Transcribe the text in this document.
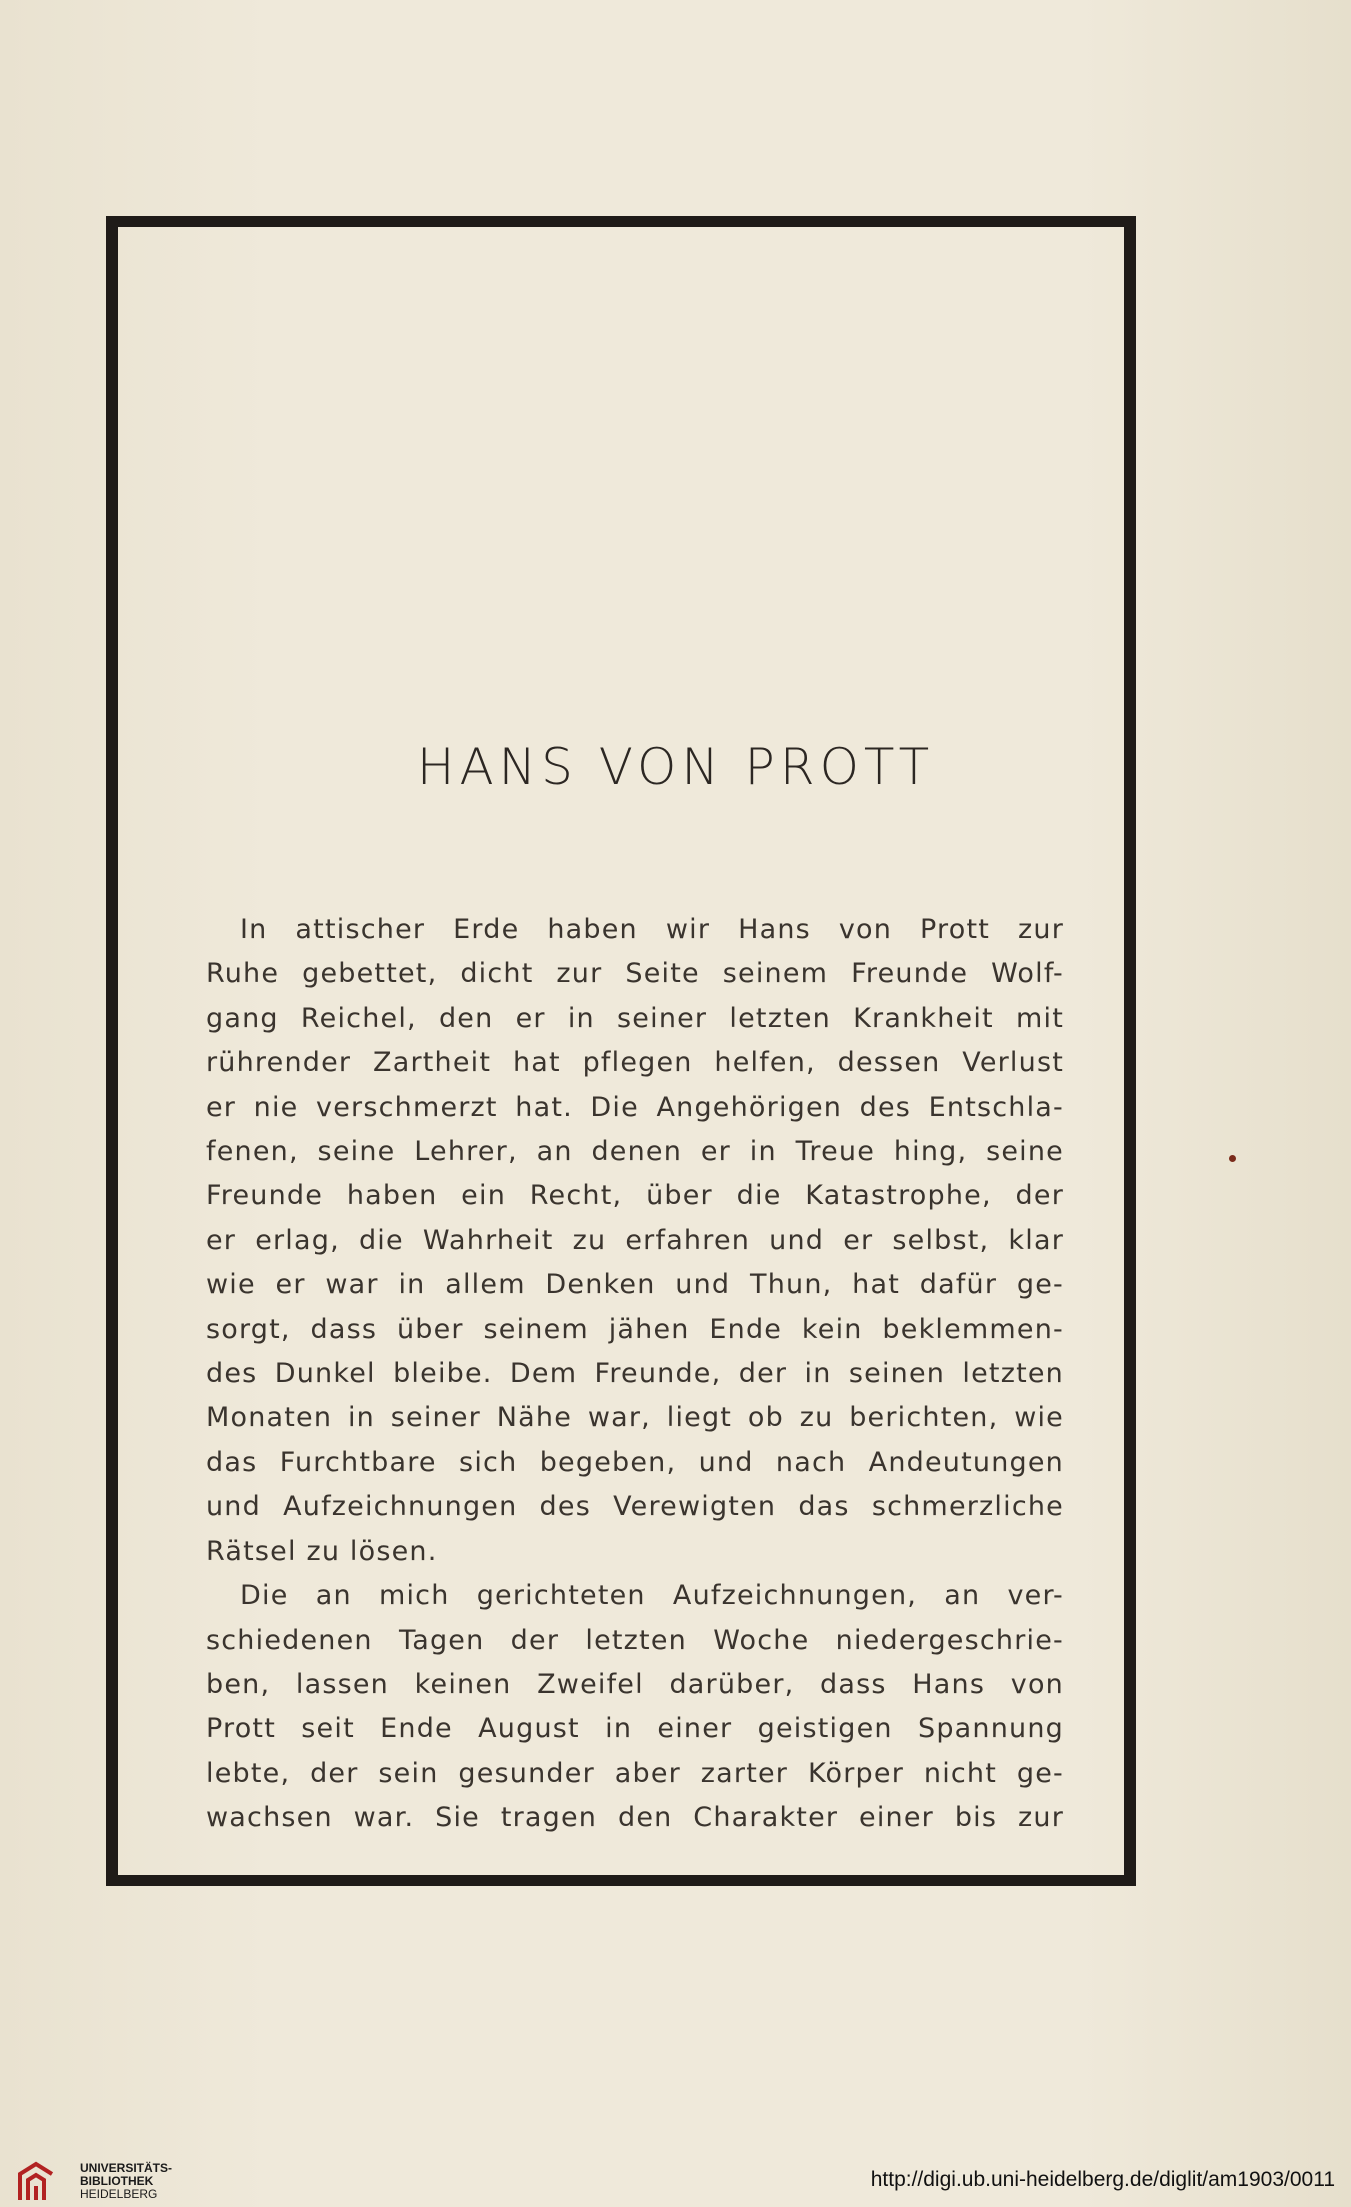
HANS VON PROTT
In attischer Erde haben wir Hans von Prott zur
Ruhe gebettet, dicht zur Seite seinem Freunde Wolf-
gang Reichel, den er in seiner letzten Krankheit mit
rührender Zartheit hat pflegen helfen, dessen Verlust
er nie verschmerzt hat. Die Angehörigen des Entschla-
fenen, seine Lehrer, an denen er in Treue hing, seine
Freunde haben ein Recht, über die Katastrophe, der
er erlag, die Wahrheit zu erfahren und er selbst, klar
wie er war in allem Denken und Thun, hat dafür ge-
sorgt, dass über seinem jähen Ende kein beklemmen-
des Dunkel bleibe. Dem Freunde, der in seinen letzten
Monaten in seiner Nähe war, liegt ob zu berichten, wie
das Furchtbare sich begeben, und nach Andeutungen
und Aufzeichnungen des Verewigten das schmerzliche
Rätsel zu lösen.
Die an mich gerichteten Aufzeichnungen, an ver-
schiedenen Tagen der letzten Woche niedergeschrie-
ben, lassen keinen Zweifel darüber, dass Hans von
Prott seit Ende August in einer geistigen Spannung
lebte, der sein gesunder aber zarter Körper nicht ge-
wachsen war. Sie tragen den Charakter einer bis zur
UNIVERSITÄTS-
BIBLIOTHEK
HEIDELBERG
http://digi.ub.uni-heidelberg.de/diglit/am1903/0011
